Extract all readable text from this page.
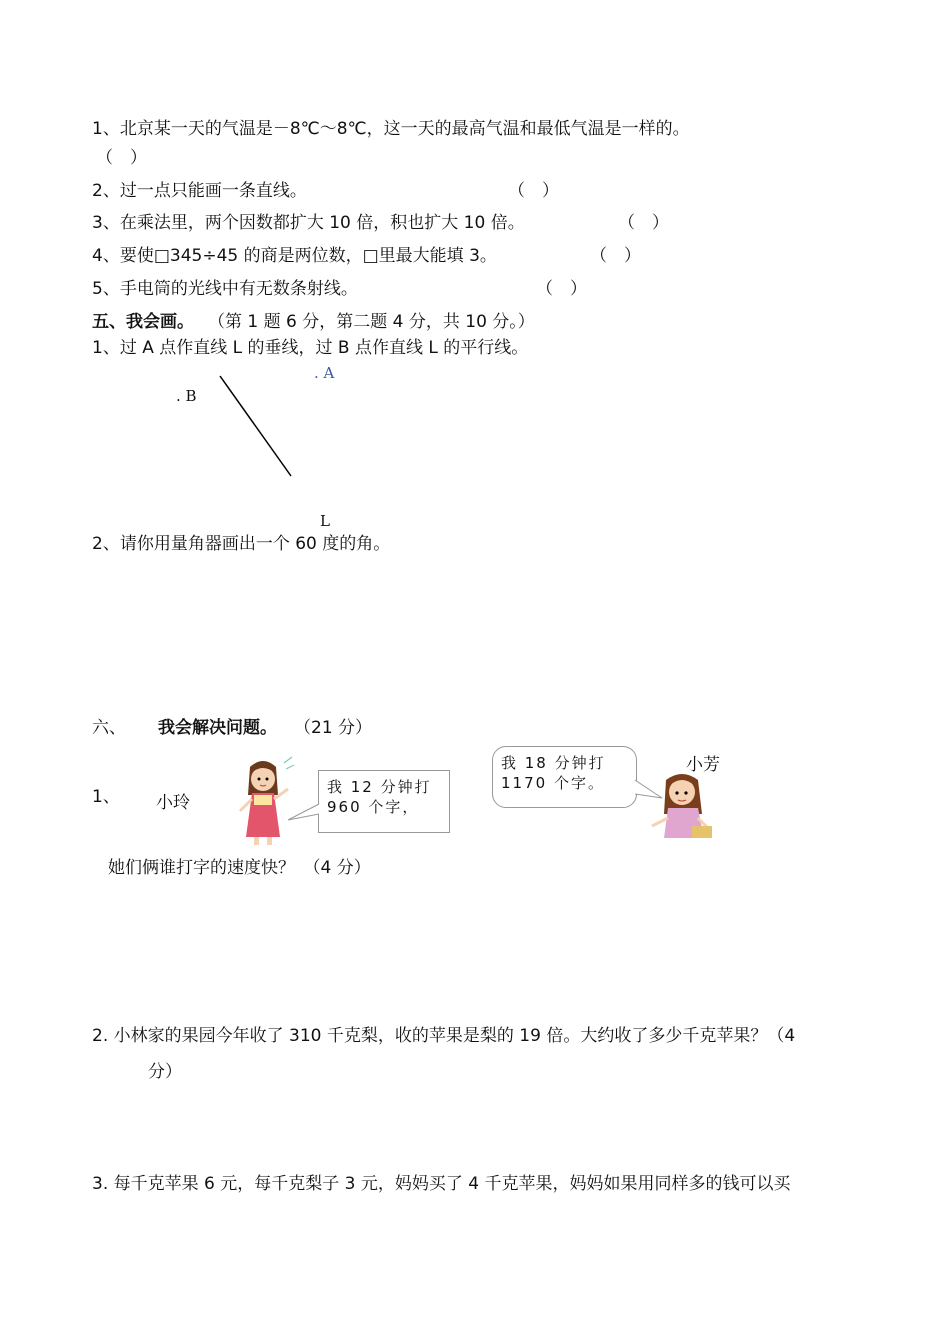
1、北京某一天的气温是－8℃～8℃，这一天的最高气温和最低气温是一样的。
（　）
2、过一点只能画一条直线。	（　）
3、在乘法里，两个因数都扩大 10 倍，积也扩大 10 倍。	（　）
4、要使□345÷45 的商是两位数，□里最大能填 3。	（　）
5、手电筒的光线中有无数条射线。	（　）
五、我会画。 （第 1 题 6 分，第二题 4 分，共 10 分。）
1、过 A 点作直线 L 的垂线，过 B 点作直线 L 的平行线。
. A
. B
L
2、请你用量角器画出一个 60 度的角。
六、 我会解决问题。 （21 分）
1、 小玲
我 12 分钟打 960 个字，
我 18 分钟打 1170 个字。
小芳
她们俩谁打字的速度快？　（4 分）
2. 小林家的果园今年收了 310 千克梨，收的苹果是梨的 19 倍。大约收了多少千克苹果？（4
分）
3. 每千克苹果 6 元，每千克梨子 3 元，妈妈买了 4 千克苹果，妈妈如果用同样多的钱可以买
